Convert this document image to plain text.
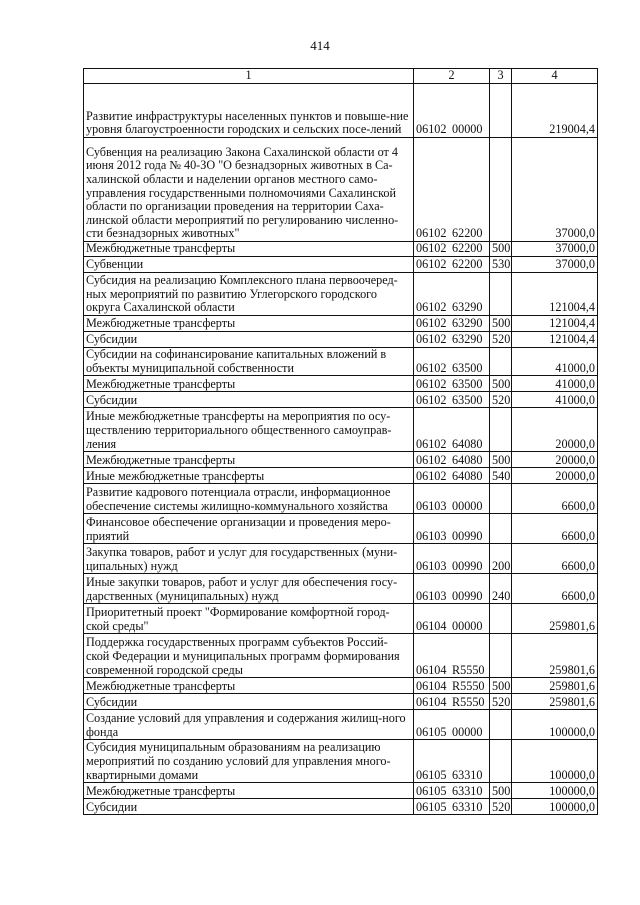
414
1	2	3	4
Развитие инфраструктуры населенных пунктов и повыше-ние уровня благоустроенности городских и сельских посе-лений	06102 00000		219004,4
Субвенция на реализацию Закона Сахалинской области от 4 июня 2012 года № 40-ЗО "О безнадзорных животных в Са-халинской области и наделении органов местного само-управления государственными полномочиями Сахалинской области по организации проведения на территории Саха-линской области мероприятий по регулированию численно-сти безнадзорных животных"	06102 62200		37000,0
Межбюджетные трансферты	06102 62200	500	37000,0
Субвенции	06102 62200	530	37000,0
Субсидия на реализацию Комплексного плана первоочеред-ных мероприятий по развитию Углегорского городского округа Сахалинской области	06102 63290		121004,4
Межбюджетные трансферты	06102 63290	500	121004,4
Субсидии	06102 63290	520	121004,4
Субсидии на софинансирование капитальных вложений в объекты муниципальной собственности	06102 63500		41000,0
Межбюджетные трансферты	06102 63500	500	41000,0
Субсидии	06102 63500	520	41000,0
Иные межбюджетные трансферты на мероприятия по осу-ществлению территориального общественного самоуправ-ления	06102 64080		20000,0
Межбюджетные трансферты	06102 64080	500	20000,0
Иные межбюджетные трансферты	06102 64080	540	20000,0
Развитие кадрового потенциала отрасли, информационное обеспечение системы жилищно-коммунального хозяйства	06103 00000		6600,0
Финансовое обеспечение организации и проведения меро-приятий	06103 00990		6600,0
Закупка товаров, работ и услуг для государственных (муни-ципальных) нужд	06103 00990	200	6600,0
Иные закупки товаров, работ и услуг для обеспечения госу-дарственных (муниципальных) нужд	06103 00990	240	6600,0
Приоритетный проект "Формирование комфортной город-ской среды"	06104 00000		259801,6
Поддержка государственных программ субъектов Россий-ской Федерации и муниципальных программ формирования современной городской среды	06104 R5550		259801,6
Межбюджетные трансферты	06104 R5550	500	259801,6
Субсидии	06104 R5550	520	259801,6
Создание условий для управления и содержания жилищ-ного фонда	06105 00000		100000,0
Субсидия муниципальным образованиям на реализацию мероприятий по созданию условий для управления много-квартирными домами	06105 63310		100000,0
Межбюджетные трансферты	06105 63310	500	100000,0
Субсидии	06105 63310	520	100000,0
